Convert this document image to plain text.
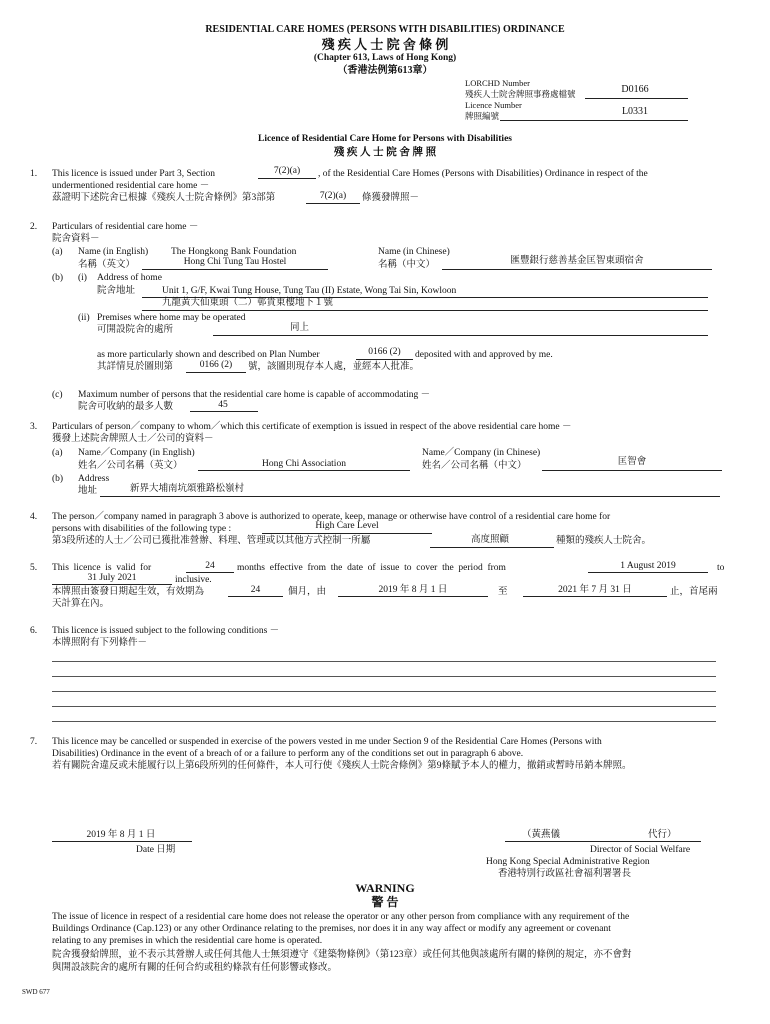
RESIDENTIAL CARE HOMES (PERSONS WITH DISABILITIES) ORDINANCE
殘 疾 人 士 院 舍 條 例
(Chapter 613, Laws of Hong Kong)
（香港法例第613章）
LORCHD Number
殘疾人士院舍牌照事務處檔號	D0166
Licence Number
牌照編號	L0331
Licence of Residential Care Home for Persons with Disabilities
殘 疾 人 士 院 舍 牌 照
1. This licence is issued under Part 3, Section	7(2)(a)	, of the Residential Care Homes (Persons with Disabilities) Ordinance in respect of the
undermentioned residential care home －
茲證明下述院舍已根據《殘疾人士院舍條例》第3部第	7(2)(a)	條獲發牌照－
2. Particulars of residential care home －
院舍資料－
(a) Name (in English) The Hongkong Bank Foundation
名稱（英文）	Hong Chi Tung Tau Hostel
Name (in Chinese)
名稱（中文）	匯豐銀行慈善基金匡智東頭宿舍
(b) (i) Address of home
院舍地址	Unit 1, G/F, Kwai Tung House, Tung Tau (II) Estate, Wong Tai Sin, Kowloon
九龍黃大仙東頭（二）邨貴東樓地下１號
(ii) Premises where home may be operated
可開設院舍的處所	同上
as more particularly shown and described on Plan Number	0166 (2)	deposited with and approved by me.
其詳情見於圖則第	0166 (2)	號，該圖則現存本人處，並經本人批准。
(c) Maximum number of persons that the residential care home is capable of accommodating －
院舍可收納的最多人數	45
3. Particulars of person／company to whom／which this certificate of exemption is issued in respect of the above residential care home －
獲發上述院舍牌照人士／公司的資料－
(a) Name／Company (in English)
姓名／公司名稱（英文）	Hong Chi Association
Name／Company (in Chinese)
姓名／公司名稱（中文）	匡智會
(b) Address
地址	新界大埔南坑頌雅路松嶺村
4. The person／company named in paragraph 3 above is authorized to operate, keep, manage or otherwise have control of a residential care home for
persons with disabilities of the following type :	High Care Level
第3段所述的人士／公司已獲批准營辦、料理、管理或以其他方式控制一所屬	高度照顧	種類的殘疾人士院舍。
5. This  licence  is  valid  for	24	months  effective  from  the  date  of  issue  to  cover  the  period  from	1 August 2019	to
31 July 2021	inclusive.
本牌照由簽發日期起生效，有效期為	24	個月，由	2019 年 8 月 1 日	至	2021 年 7 月 31 日	止，首尾兩
天計算在內。
6. This licence is issued subject to the following conditions －
本牌照附有下列條件－
7. This licence may be cancelled or suspended in exercise of the powers vested in me under Section 9 of the Residential Care Homes (Persons with
Disabilities) Ordinance in the event of a breach of or a failure to perform any of the conditions set out in paragraph 6 above.
若有關院舍違反或未能履行以上第6段所列的任何條件，本人可行使《殘疾人士院舍條例》第9條賦予本人的權力，撤銷或暫時吊銷本牌照。
2019 年 8 月 1 日
Date 日期
（黃燕儀	代行）
Director of Social Welfare
Hong Kong Special Administrative Region
香港特別行政區社會福利署署長
WARNING
警 告
The issue of licence in respect of a residential care home does not release the operator or any other person from compliance with any requirement of the
Buildings Ordinance (Cap.123) or any other Ordinance relating to the premises, nor does it in any way affect or modify any agreement or covenant
relating to any premises in which the residential care home is operated.
院舍獲發給牌照，並不表示其營辦人或任何其他人士無須遵守《建築物條例》（第123章）或任何其他與該處所有關的條例的規定，亦不會對
與開設該院舍的處所有關的任何合約或租約條款有任何影響或修改。
SWD 677
